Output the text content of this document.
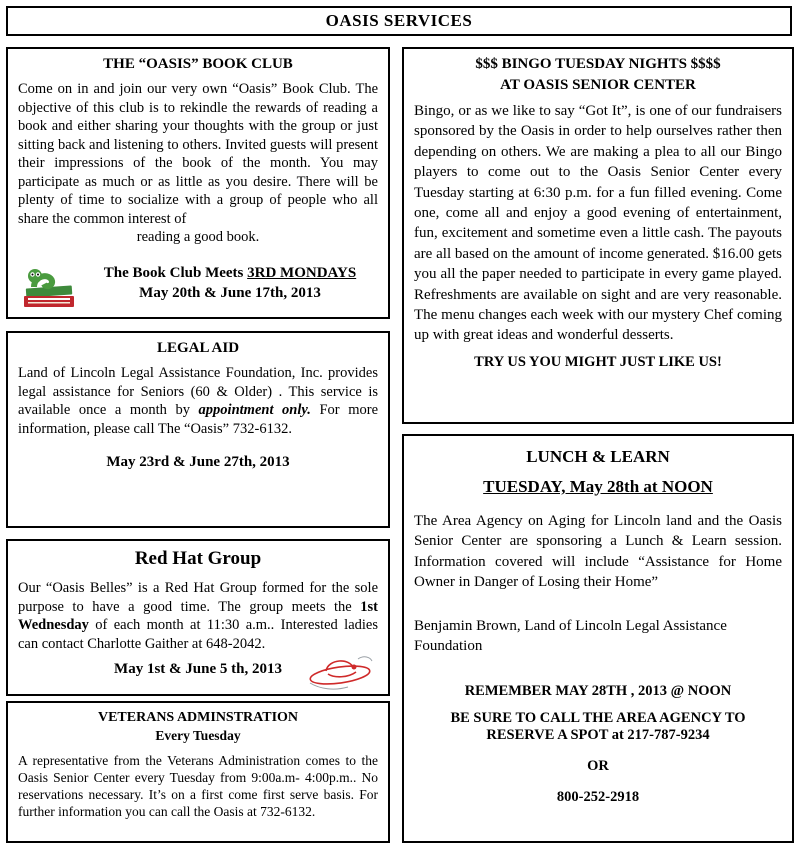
OASIS SERVICES
THE “OASIS” BOOK CLUB

Come on in and join our very own “Oasis” Book Club. The objective of this club is to rekindle the rewards of reading a book and either sharing your thoughts with the group or just sitting back and listening to others. Invited guests will present their impressions of the book of the month. You may participate as much or as little as you desire. There will be plenty of time to socialize with a group of people who all share the common interest of

reading a good book.

The Book Club Meets 3RD MONDAYS

May 20th & June 17th, 2013

LEGAL AID

Land of Lincoln Legal Assistance Foundation, Inc. provides legal assistance for Seniors (60 & Older) . This service is available once a month by appointment only. For more information, please call The “Oasis” 732-6132.

May 23rd & June 27th, 2013

Red Hat Group

Our “Oasis Belles” is a Red Hat Group formed for the sole purpose to have a good time. The group meets the 1st Wednesday of each month at 11:30 a.m.. Interested ladies can contact Charlotte Gaither at 648-2042.

May 1st & June 5 th, 2013

VETERANS ADMINSTRATION

Every Tuesday

A representative from the Veterans Administration comes to the Oasis Senior Center every Tuesday from 9:00a.m- 4:00p.m.. No reservations necessary. It’s on a first come first serve basis. For further information you can call the Oasis at 732-6132.

$$$ BINGO TUESDAY NIGHTS $$$$
AT OASIS SENIOR CENTER

Bingo, or as we like to say “Got It”, is one of our fundraisers sponsored by the Oasis in order to help ourselves rather then depending on others. We are making a plea to all our Bingo players to come out to the Oasis Senior Center every Tuesday starting at 6:30 p.m. for a fun filled evening. Come one, come all and enjoy a good evening of entertainment, fun, excitement and sometime even a little cash. The payouts are all based on the amount of income generated. $16.00 gets you all the paper needed to participate in every game played. Refreshments are available on sight and are very reasonable. The menu changes each week with our mystery Chef coming up with great ideas and wonderful desserts.

TRY US YOU MIGHT JUST LIKE US!

LUNCH & LEARN

TUESDAY, May 28th at NOON

The Area Agency on Aging for Lincoln land and the Oasis Senior Center are sponsoring a Lunch & Learn session. Information covered will include “Assistance for Home Owner in Danger of Losing their Home”

Benjamin Brown, Land of Lincoln Legal Assistance Foundation

REMEMBER MAY 28TH , 2013 @ NOON

BE SURE TO CALL THE AREA AGENCY TO RESERVE A SPOT at 217-787-9234

OR

800-252-2918
